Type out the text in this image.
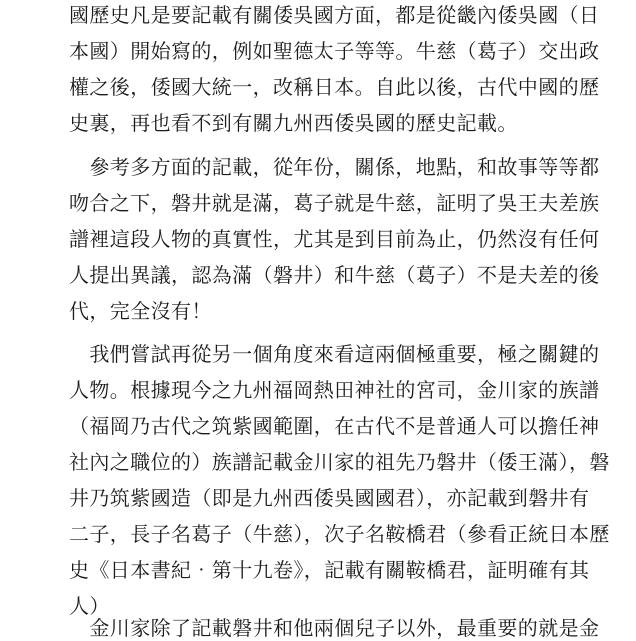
國歷史凡是要記載有關倭吳國方面，都是從畿內倭吳國（日
本國）開始寫的，例如聖德太子等等。牛慈（葛子）交出政
權之後，倭國大統一，改稱日本。自此以後，古代中國的歷
史裏，再也看不到有關九州西倭吳國的歷史記載。
　參考多方面的記載，從年份，關係，地點，和故事等等都
吻合之下，磐井就是滿，葛子就是牛慈，証明了吳王夫差族
譜裡這段人物的真實性，尤其是到目前為止，仍然沒有任何
人提出異議，認為滿（磐井）和牛慈（葛子）不是夫差的後
代，完全沒有！
　我們嘗試再從另一個角度來看這兩個極重要，極之關鍵的
人物。根據現今之九州福岡熱田神社的宮司，金川家的族譜
（福岡乃古代之筑紫國範圍，在古代不是普通人可以擔任神
社內之職位的）族譜記載金川家的祖先乃磐井（倭王滿），磐
井乃筑紫國造（即是九州西倭吳國國君），亦記載到磐井有
二子，長子名葛子（牛慈），次子名鞍橋君（參看正統日本歷
史《日本書紀‧第十九卷》，記載有關鞍橋君，証明確有其
人）
　金川家除了記載磐井和他兩個兒子以外，最重要的就是金
